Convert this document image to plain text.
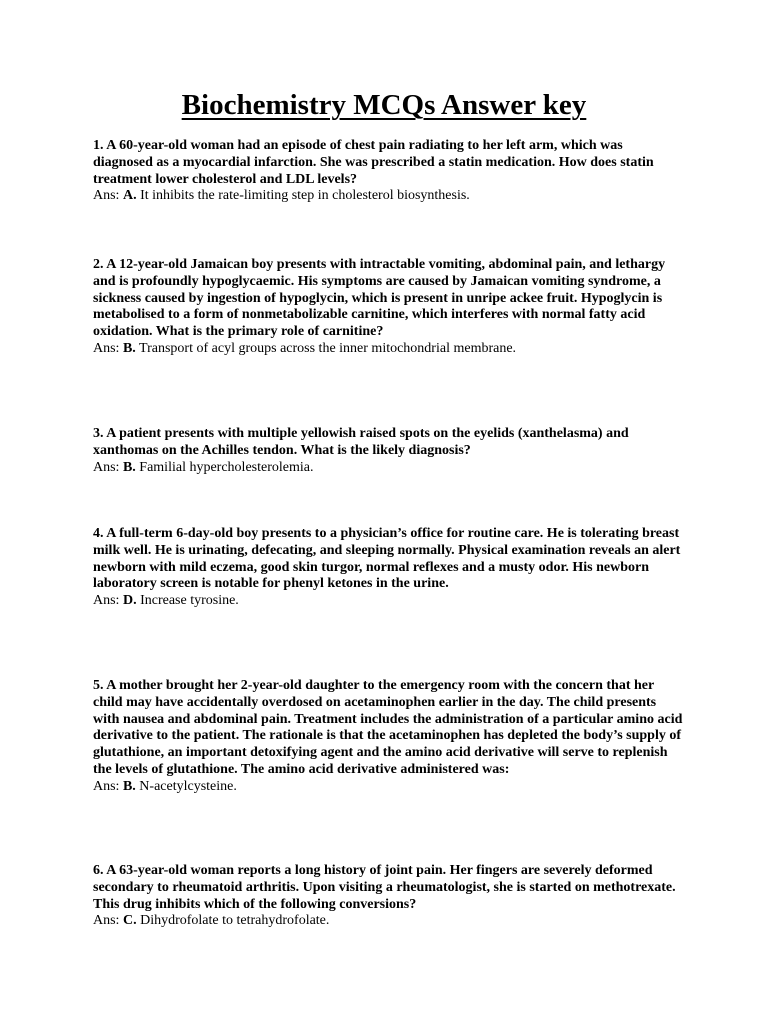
Biochemistry MCQs Answer key

1. A 60-year-old woman had an episode of chest pain radiating to her left arm, which was diagnosed as a myocardial infarction. She was prescribed a statin medication. How does statin treatment lower cholesterol and LDL levels?

Ans: A. It inhibits the rate-limiting step in cholesterol biosynthesis.

2. A 12-year-old Jamaican boy presents with intractable vomiting, abdominal pain, and lethargy and is profoundly hypoglycaemic. His symptoms are caused by Jamaican vomiting syndrome, a sickness caused by ingestion of hypoglycin, which is present in unripe ackee fruit. Hypoglycin is metabolised to a form of nonmetabolizable carnitine, which interferes with normal fatty acid oxidation. What is the primary role of carnitine?

Ans: B. Transport of acyl groups across the inner mitochondrial membrane.

3. A patient presents with multiple yellowish raised spots on the eyelids (xanthelasma) and xanthomas on the Achilles tendon. What is the likely diagnosis?

Ans: B. Familial hypercholesterolemia.

4. A full-term 6-day-old boy presents to a physician’s office for routine care. He is tolerating breast milk well. He is urinating, defecating, and sleeping normally. Physical examination reveals an alert newborn with mild eczema, good skin turgor, normal reflexes and a musty odor. His newborn laboratory screen is notable for phenyl ketones in the urine.

Ans: D. Increase tyrosine.

5. A mother brought her 2-year-old daughter to the emergency room with the concern that her child may have accidentally overdosed on acetaminophen earlier in the day. The child presents with nausea and abdominal pain. Treatment includes the administration of a particular amino acid derivative to the patient. The rationale is that the acetaminophen has depleted the body’s supply of glutathione, an important detoxifying agent and the amino acid derivative will serve to replenish the levels of glutathione. The amino acid derivative administered was:

Ans: B. N-acetylcysteine.

6. A 63-year-old woman reports a long history of joint pain. Her fingers are severely deformed secondary to rheumatoid arthritis. Upon visiting a rheumatologist, she is started on methotrexate. This drug inhibits which of the following conversions?

Ans: C. Dihydrofolate to tetrahydrofolate.
